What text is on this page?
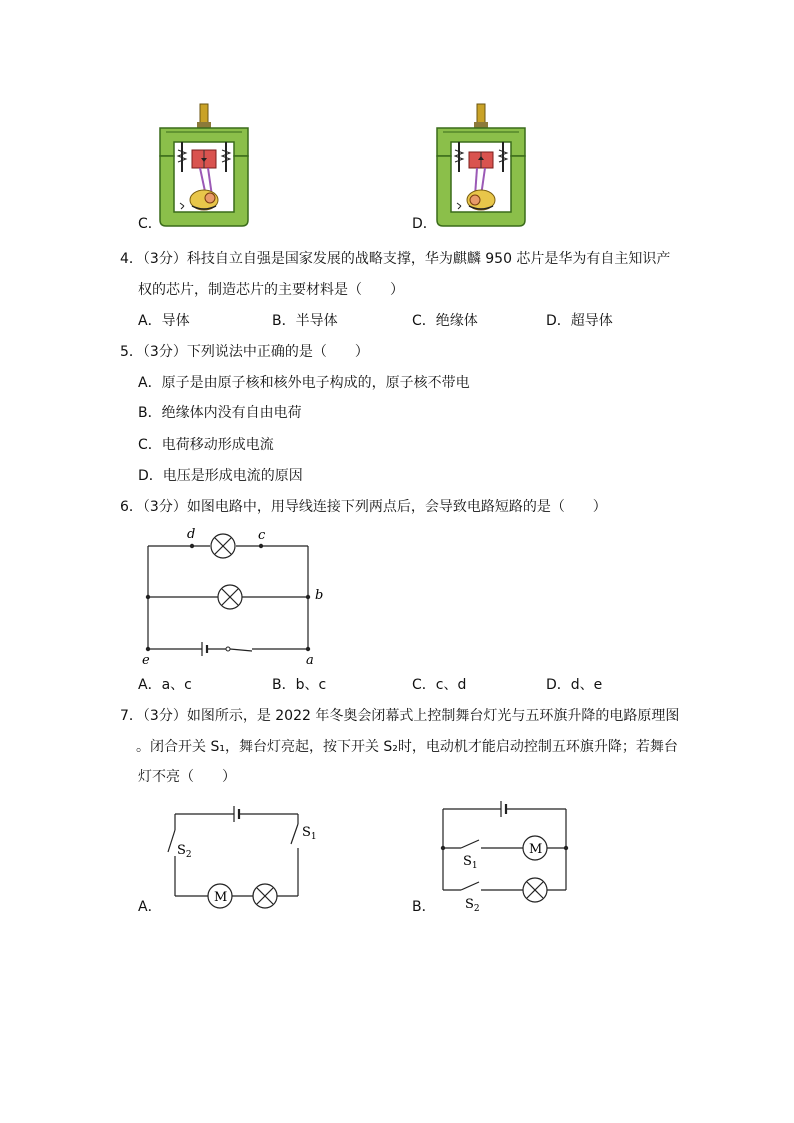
C．	D．
4．（3分）科技自立自强是国家发展的战略支撑，华为麒麟 950 芯片是华为有自主知识产
权的芯片，制造芯片的主要材料是（　　）
A．导体	B．半导体	C．绝缘体	D．超导体
5．（3分）下列说法中正确的是（　　）
A．原子是由原子核和核外电子构成的，原子核不带电
B．绝缘体内没有自由电荷
C．电荷移动形成电流
D．电压是形成电流的原因
6．（3分）如图电路中，用导线连接下列两点后，会导致电路短路的是（　　）
d	c
b
e	a
A．a、c	B．b、c	C．c、d	D．d、e
7．（3分）如图所示，是 2022 年冬奥会闭幕式上控制舞台灯光与五环旗升降的电路原理图
。闭合开关 S₁，舞台灯亮起，按下开关 S₂时，电动机才能启动控制五环旗升降；若舞台
灯不亮（　　）
M
$S_2$
$S_1$
A．
M
$S_1$
$S_2$
B．
